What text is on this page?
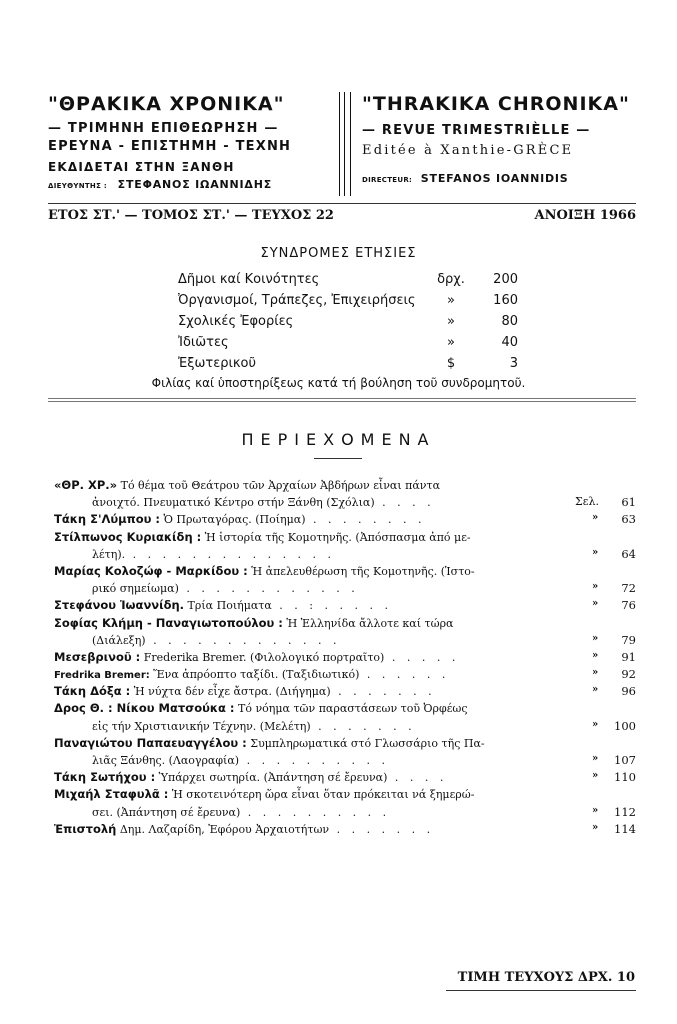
"ΘΡΑΚΙΚΑ ΧΡΟΝΙΚΑ"
— ΤΡΙΜΗΝΗ ΕΠΙΘΕΩΡΗΣΗ —
ΕΡΕΥΝΑ - ΕΠΙΣΤΗΜΗ - ΤΕΧΝΗ
ΕΚΔΙΔΕΤΑΙ ΣΤΗΝ ΞΑΝΘΗ
ΔΙΕΥΘΥΝΤΗΣ : ΣΤΕΦΑΝΟΣ ΙΩΑΝΝΙΔΗΣ
"THRAKIKA CHRONIKA"
— REVUE TRIMESTRIÈLLE —
Editée à Xanthie-GRÈCE
DIRECTEUR: STEFANOS IOANNIDIS
ΕΤΟΣ ΣΤ.' — ΤΟΜΟΣ ΣΤ.' — ΤΕΥΧΟΣ 22	ΑΝΟΙΞΗ 1966
ΣΥΝΔΡΟΜΕΣ ΕΤΗΣΙΕΣ
Δῆμοι καί Κοινότητες	δρχ.	200
Ὀργανισμοί, Τράπεζες, Ἐπιχειρήσεις	»	160
Σχολικές Ἐφορίες	»	80
Ἰδιῶτες	»	40
Ἐξωτερικοῦ	$	3
Φιλίας καί ὑποστηρίξεως κατά τή βούληση τοῦ συνδρομητοῦ.
ΠΕΡΙΕΧΟΜΕΝΑ
«ΘΡ. ΧΡ.» Τό θέμα τοῦ Θεάτρου τῶν Ἀρχαίων Ἀβδήρων εἶναι πάντα
ἀνοιχτό. Πνευματικό Κέντρο στήν Ξάνθη (Σχόλια) . . . .	Σελ.	61
Τάκη Σ'Λύμπου : Ὁ Πρωταγόρας. (Ποίημα) . . . . . . . .	»	63
Στίλπωνος Κυριακίδη : Ἡ ἱστορία τῆς Κομοτηνῆς. (Ἀπόσπασμα ἀπό με-
λέτη). . . . . . . . . . . . . . .	»	64
Μαρίας Κολοζώφ - Μαρκίδου : Ἡ ἀπελευθέρωση τῆς Κομοτηνῆς. (Ἱστο-
ρικό σημείωμα) . . . . . . . . . . . .	»	72
Στεφάνου Ἰωαννίδη. Τρία Ποιήματα . . : . . . . .	»	76
Σοφίας Κλήμη - Παναγιωτοπούλου : Ἡ Ἑλληνίδα ἄλλοτε καί τώρα
(Διάλεξη) . . . . . . . . . . . . .	»	79
Μεσεβρινοῦ : Frederika Bremer. (Φιλολογικό πορτραῖτο) . . . . .	»	91
Fredrika Bremer: Ἕνα ἀπρόοπτο ταξίδι. (Ταξιδιωτικό) . . . . . .	»	92
Τάκη Δόξα : Ἡ νύχτα δέν εἶχε ἄστρα. (Διήγημα) . . . . . . .	»	96
Δρος Θ. : Νίκου Ματσούκα : Τό νόημα τῶν παραστάσεων τοῦ Ὀρφέως
εἰς τήν Χριστιανικήν Τέχνην. (Μελέτη) . . . . . . .	»	100
Παναγιώτου Παπαευαγγέλου : Συμπληρωματικά στό Γλωσσάριο τῆς Πα-
λιᾶς Ξάνθης. (Λαογραφία) . . . . . . . . . .	»	107
Τάκη Σωτήχου : Ὑπάρχει σωτηρία. (Ἀπάντηση σέ ἔρευνα) . . . .	»	110
Μιχαήλ Σταφυλᾶ : Ἡ σκοτεινότερη ὥρα εἶναι ὅταν πρόκειται νά ξημερώ-
σει. (Ἀπάντηση σέ ἔρευνα) . . . . . . . . . .	»	112
Ἐπιστολή Δημ. Λαζαρίδη, Ἐφόρου Ἀρχαιοτήτων . . . . . . .	»	114
ΤΙΜΗ ΤΕΥΧΟΥΣ ΔΡΧ. 10
